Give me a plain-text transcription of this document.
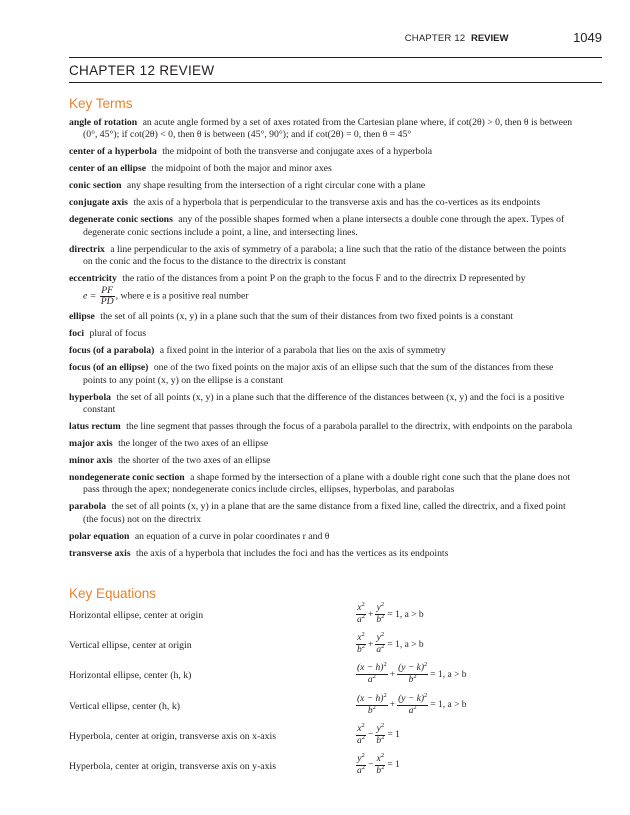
CHAPTER 12 REVIEW	1049
CHAPTER 12 REVIEW
Key Terms

angle of rotation an acute angle formed by a set of axes rotated from the Cartesian plane where, if cot(2θ) > 0, then θ is between (0°, 45°); if cot(2θ) < 0, then θ is between (45°, 90°); and if cot(2θ) = 0, then θ = 45°

center of a hyperbola the midpoint of both the transverse and conjugate axes of a hyperbola

center of an ellipse the midpoint of both the major and minor axes

conic section any shape resulting from the intersection of a right circular cone with a plane

conjugate axis the axis of a hyperbola that is perpendicular to the transverse axis and has the co-vertices as its endpoints

degenerate conic sections any of the possible shapes formed when a plane intersects a double cone through the apex. Types of degenerate conic sections include a point, a line, and intersecting lines.

directrix a line perpendicular to the axis of symmetry of a parabola; a line such that the ratio of the distance between the points on the conic and the focus to the distance to the directrix is constant

eccentricity the ratio of the distances from a point P on the graph to the focus F and to the directrix D represented by
$e = \frac{PF}{PD}$ , where e is a positive real number

ellipse the set of all points (x, y) in a plane such that the sum of their distances from two fixed points is a constant

foci plural of focus

focus (of a parabola) a fixed point in the interior of a parabola that lies on the axis of symmetry

focus (of an ellipse) one of the two fixed points on the major axis of an ellipse such that the sum of the distances from these points to any point (x, y) on the ellipse is a constant

hyperbola the set of all points (x, y) in a plane such that the difference of the distances between (x, y) and the foci is a positive constant

latus rectum the line segment that passes through the focus of a parabola parallel to the directrix, with endpoints on the parabola

major axis the longer of the two axes of an ellipse

minor axis the shorter of the two axes of an ellipse

nondegenerate conic section a shape formed by the intersection of a plane with a double right cone such that the plane does not pass through the apex; nondegenerate conics include circles, ellipses, hyperbolas, and parabolas

parabola the set of all points (x, y) in a plane that are the same distance from a fixed line, called the directrix, and a fixed point (the focus) not on the directrix

polar equation an equation of a curve in polar coordinates r and θ

transverse axis the axis of a hyperbola that includes the foci and has the vertices as its endpoints

Key Equations
Horizontal ellipse, center at origin	$\frac{x^2}{a^2} + \frac{y^2}{b^2} = 1$, a > b
Vertical ellipse, center at origin	$\frac{x^2}{b^2} + \frac{y^2}{a^2} = 1$, a > b
Horizontal ellipse, center (h, k)	$\frac{(x - h)^2}{a^2} + \frac{(y - k)^2}{b^2} = 1$, a > b
Vertical ellipse, center (h, k)	$\frac{(x - h)^2}{b^2} + \frac{(y - k)^2}{a^2} = 1$, a > b
Hyperbola, center at origin, transverse axis on x-axis	$\frac{x^2}{a^2} - \frac{y^2}{b^2} = 1$
Hyperbola, center at origin, transverse axis on y-axis	$\frac{y^2}{a^2} - \frac{x^2}{b^2} = 1$
